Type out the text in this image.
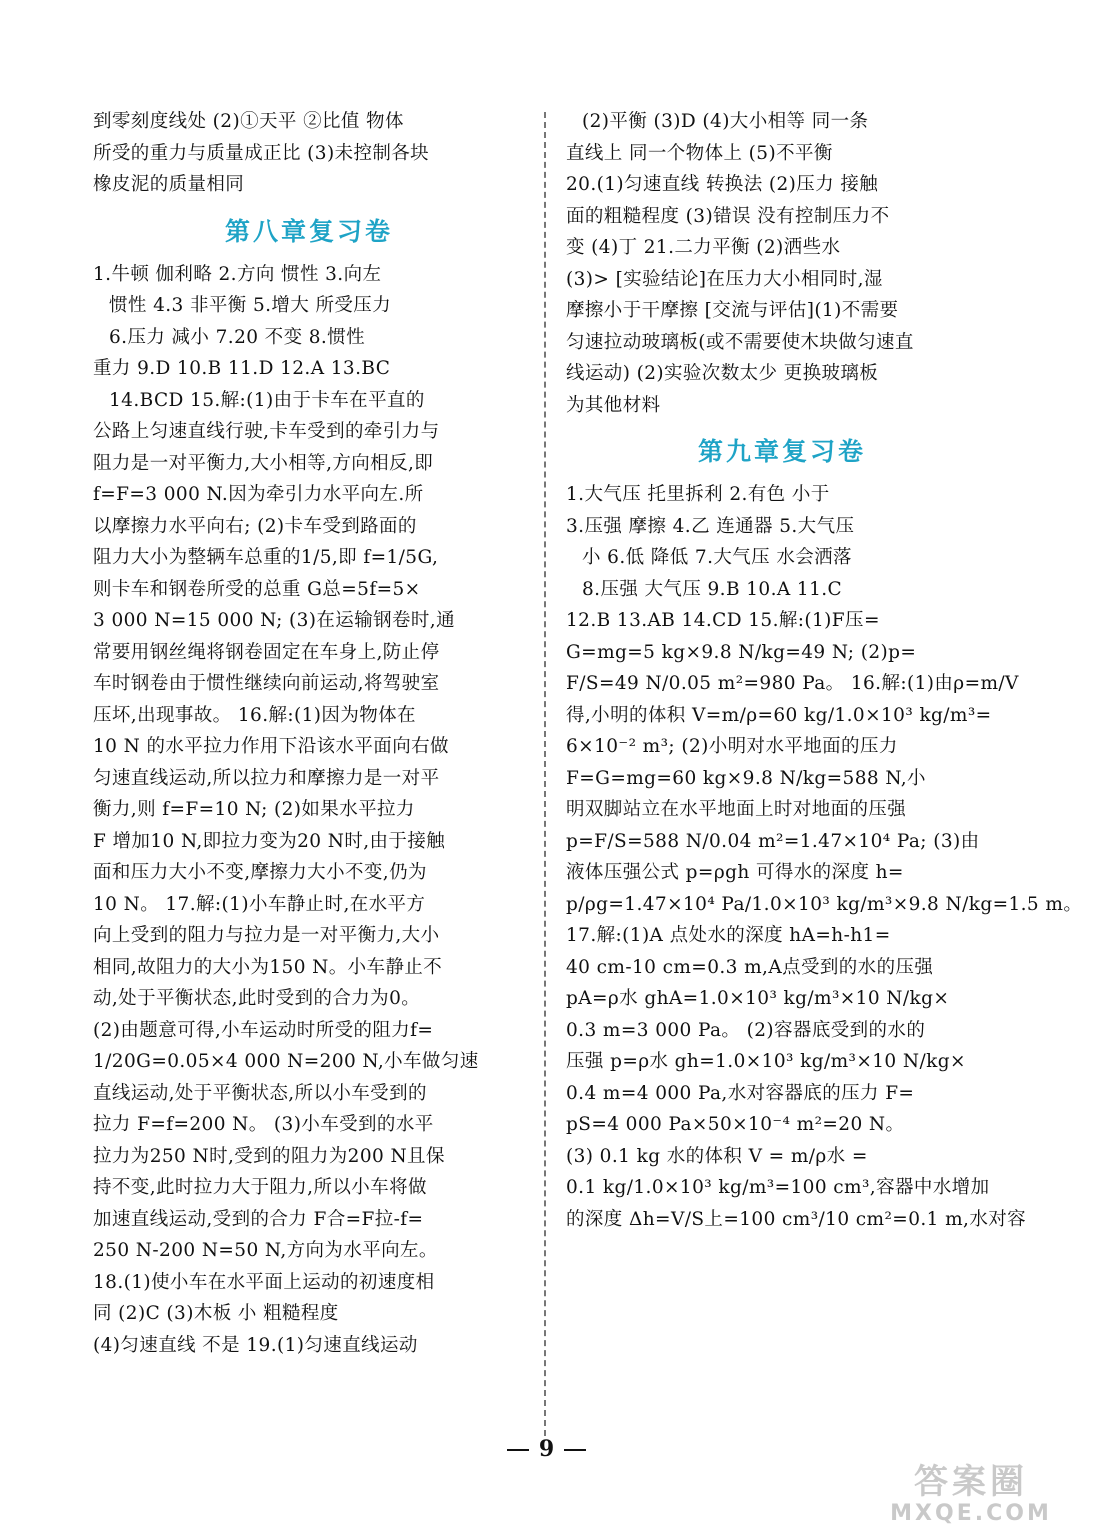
到零刻度线处 (2)①天平 ②比值 物体
所受的重力与质量成正比 (3)未控制各块
橡皮泥的质量相同
第八章复习卷
1.牛顿 伽利略 2.方向 惯性 3.向左
惯性 4.3 非平衡 5.增大 所受压力
6.压力 减小 7.20 不变 8.惯性
重力 9.D 10.B 11.D 12.A 13.BC
14.BCD 15.解:(1)由于卡车在平直的
公路上匀速直线行驶,卡车受到的牵引力与
阻力是一对平衡力,大小相等,方向相反,即
f=F=3 000 N.因为牵引力水平向左.所
以摩擦力水平向右; (2)卡车受到路面的
阻力大小为整辆车总重的1/5,即 f=1/5G,
则卡车和钢卷所受的总重 G总=5f=5×
3 000 N=15 000 N; (3)在运输钢卷时,通
常要用钢丝绳将钢卷固定在车身上,防止停
车时钢卷由于惯性继续向前运动,将驾驶室
压坏,出现事故。 16.解:(1)因为物体在
10 N 的水平拉力作用下沿该水平面向右做
匀速直线运动,所以拉力和摩擦力是一对平
衡力,则 f=F=10 N; (2)如果水平拉力
F 增加10 N,即拉力变为20 N时,由于接触
面和压力大小不变,摩擦力大小不变,仍为
10 N。 17.解:(1)小车静止时,在水平方
向上受到的阻力与拉力是一对平衡力,大小
相同,故阻力的大小为150 N。小车静止不
动,处于平衡状态,此时受到的合力为0。
(2)由题意可得,小车运动时所受的阻力f=
1/20G=0.05×4 000 N=200 N,小车做匀速
直线运动,处于平衡状态,所以小车受到的
拉力 F=f=200 N。 (3)小车受到的水平
拉力为250 N时,受到的阻力为200 N且保
持不变,此时拉力大于阻力,所以小车将做
加速直线运动,受到的合力 F合=F拉-f=
250 N-200 N=50 N,方向为水平向左。
18.(1)使小车在水平面上运动的初速度相
同 (2)C (3)木板 小 粗糙程度
(4)匀速直线 不是 19.(1)匀速直线运动
(2)平衡 (3)D (4)大小相等 同一条
直线上 同一个物体上 (5)不平衡
20.(1)匀速直线 转换法 (2)压力 接触
面的粗糙程度 (3)错误 没有控制压力不
变 (4)丁 21.二力平衡 (2)洒些水
(3)> [实验结论]在压力大小相同时,湿
摩擦小于干摩擦 [交流与评估](1)不需要
匀速拉动玻璃板(或不需要使木块做匀速直
线运动) (2)实验次数太少 更换玻璃板
为其他材料
第九章复习卷
1.大气压 托里拆利 2.有色 小于
3.压强 摩擦 4.乙 连通器 5.大气压
小 6.低 降低 7.大气压 水会洒落
8.压强 大气压 9.B 10.A 11.C
12.B 13.AB 14.CD 15.解:(1)F压=
G=mg=5 kg×9.8 N/kg=49 N; (2)p=
F/S=49 N/0.05 m²=980 Pa。 16.解:(1)由ρ=m/V
得,小明的体积 V=m/ρ=60 kg/1.0×10³ kg/m³=
6×10⁻² m³; (2)小明对水平地面的压力
F=G=mg=60 kg×9.8 N/kg=588 N,小
明双脚站立在水平地面上时对地面的压强
p=F/S=588 N/0.04 m²=1.47×10⁴ Pa; (3)由
液体压强公式 p=ρgh 可得水的深度 h=
p/ρg=1.47×10⁴ Pa/1.0×10³ kg/m³×9.8 N/kg=1.5 m。
17.解:(1)A 点处水的深度 hA=h-h1=
40 cm-10 cm=0.3 m,A点受到的水的压强
pA=ρ水 ghA=1.0×10³ kg/m³×10 N/kg×
0.3 m=3 000 Pa。 (2)容器底受到的水的
压强 p=ρ水 gh=1.0×10³ kg/m³×10 N/kg×
0.4 m=4 000 Pa,水对容器底的压力 F=
pS=4 000 Pa×50×10⁻⁴ m²=20 N。
(3) 0.1 kg 水的体积 V = m/ρ水 =
0.1 kg/1.0×10³ kg/m³=100 cm³,容器中水增加
的深度 Δh=V/S上=100 cm³/10 cm²=0.1 m,水对容
9
答案圈
MXQE.COM
